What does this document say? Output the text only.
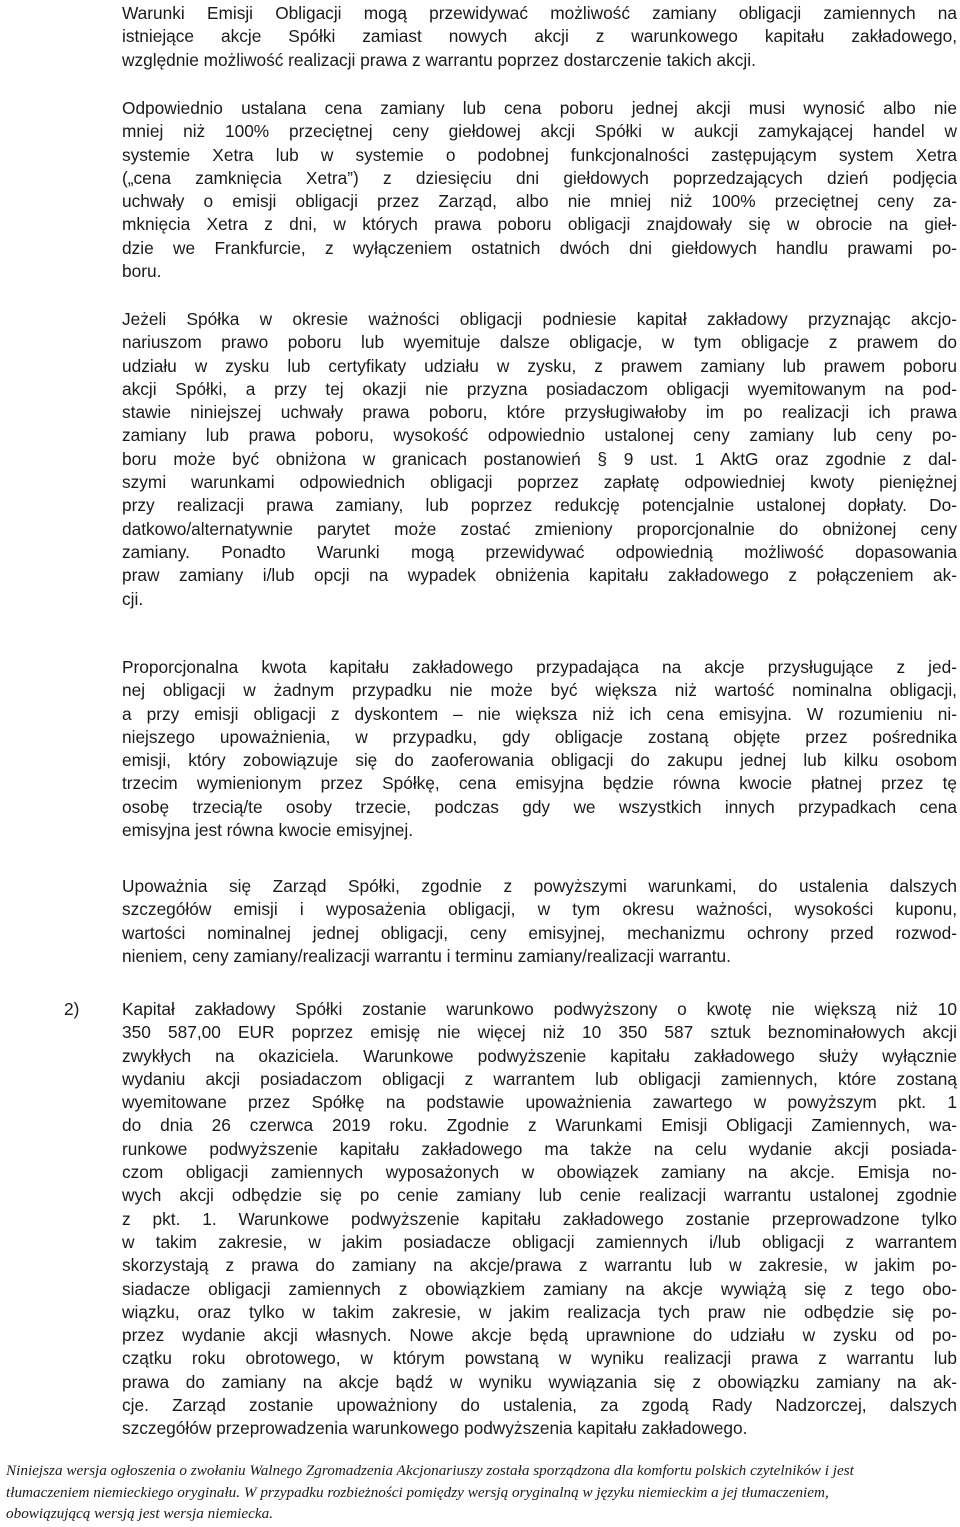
Warunki Emisji Obligacji mogą przewidywać możliwość zamiany obligacji zamiennych na
istniejące akcje Spółki zamiast nowych akcji z warunkowego kapitału zakładowego,
względnie możliwość realizacji prawa z warrantu poprzez dostarczenie takich akcji.
Odpowiednio ustalana cena zamiany lub cena poboru jednej akcji musi wynosić albo nie
mniej niż 100% przeciętnej ceny giełdowej akcji Spółki w aukcji zamykającej handel w
systemie Xetra lub w systemie o podobnej funkcjonalności zastępującym system Xetra
(„cena zamknięcia Xetra”) z dziesięciu dni giełdowych poprzedzających dzień podjęcia
uchwały o emisji obligacji przez Zarząd, albo nie mniej niż 100% przeciętnej ceny za-
mknięcia Xetra z dni, w których prawa poboru obligacji znajdowały się w obrocie na gieł-
dzie we Frankfurcie, z wyłączeniem ostatnich dwóch dni giełdowych handlu prawami po-
boru.
Jeżeli Spółka w okresie ważności obligacji podniesie kapitał zakładowy przyznając akcjo-
nariuszom prawo poboru lub wyemituje dalsze obligacje, w tym obligacje z prawem do
udziału w zysku lub certyfikaty udziału w zysku, z prawem zamiany lub prawem poboru
akcji Spółki, a przy tej okazji nie przyzna posiadaczom obligacji wyemitowanym na pod-
stawie niniejszej uchwały prawa poboru, które przysługiwałoby im po realizacji ich prawa
zamiany lub prawa poboru, wysokość odpowiednio ustalonej ceny zamiany lub ceny po-
boru może być obniżona w granicach postanowień § 9 ust. 1 AktG oraz zgodnie z dal-
szymi warunkami odpowiednich obligacji poprzez zapłatę odpowiedniej kwoty pieniężnej
przy realizacji prawa zamiany, lub poprzez redukcję potencjalnie ustalonej dopłaty. Do-
datkowo/alternatywnie parytet może zostać zmieniony proporcjonalnie do obniżonej ceny
zamiany. Ponadto Warunki mogą przewidywać odpowiednią możliwość dopasowania
praw zamiany i/lub opcji na wypadek obniżenia kapitału zakładowego z połączeniem ak-
cji.
Proporcjonalna kwota kapitału zakładowego przypadająca na akcje przysługujące z jed-
nej obligacji w żadnym przypadku nie może być większa niż wartość nominalna obligacji,
a przy emisji obligacji z dyskontem – nie większa niż ich cena emisyjna. W rozumieniu ni-
niejszego upoważnienia, w przypadku, gdy obligacje zostaną objęte przez pośrednika
emisji, który zobowiązuje się do zaoferowania obligacji do zakupu jednej lub kilku osobom
trzecim wymienionym przez Spółkę, cena emisyjna będzie równa kwocie płatnej przez tę
osobę trzecią/te osoby trzecie, podczas gdy we wszystkich innych przypadkach cena
emisyjna jest równa kwocie emisyjnej.
Upoważnia się Zarząd Spółki, zgodnie z powyższymi warunkami, do ustalenia dalszych
szczegółów emisji i wyposażenia obligacji, w tym okresu ważności, wysokości kuponu,
wartości nominalnej jednej obligacji, ceny emisyjnej, mechanizmu ochrony przed rozwod-
nieniem, ceny zamiany/realizacji warrantu i terminu zamiany/realizacji warrantu.
2) Kapitał zakładowy Spółki zostanie warunkowo podwyższony o kwotę nie większą niż 10
350 587,00 EUR poprzez emisję nie więcej niż 10 350 587 sztuk beznominałowych akcji
zwykłych na okaziciela. Warunkowe podwyższenie kapitału zakładowego służy wyłącznie
wydaniu akcji posiadaczom obligacji z warrantem lub obligacji zamiennych, które zostaną
wyemitowane przez Spółkę na podstawie upoważnienia zawartego w powyższym pkt. 1
do dnia 26 czerwca 2019 roku. Zgodnie z Warunkami Emisji Obligacji Zamiennych, wa-
runkowe podwyższenie kapitału zakładowego ma także na celu wydanie akcji posiada-
czom obligacji zamiennych wyposażonych w obowiązek zamiany na akcje. Emisja no-
wych akcji odbędzie się po cenie zamiany lub cenie realizacji warrantu ustalonej zgodnie
z pkt. 1. Warunkowe podwyższenie kapitału zakładowego zostanie przeprowadzone tylko
w takim zakresie, w jakim posiadacze obligacji zamiennych i/lub obligacji z warrantem
skorzystają z prawa do zamiany na akcje/prawa z warrantu lub w zakresie, w jakim po-
siadacze obligacji zamiennych z obowiązkiem zamiany na akcje wywiążą się z tego obo-
wiązku, oraz tylko w takim zakresie, w jakim realizacja tych praw nie odbędzie się po-
przez wydanie akcji własnych. Nowe akcje będą uprawnione do udziału w zysku od po-
czątku roku obrotowego, w którym powstaną w wyniku realizacji prawa z warrantu lub
prawa do zamiany na akcje bądź w wyniku wywiązania się z obowiązku zamiany na ak-
cje. Zarząd zostanie upoważniony do ustalenia, za zgodą Rady Nadzorczej, dalszych
szczegółów przeprowadzenia warunkowego podwyższenia kapitału zakładowego.
Niniejsza wersja ogłoszenia o zwołaniu Walnego Zgromadzenia Akcjonariuszy została sporządzona dla komfortu polskich czytelników i jest
tłumaczeniem niemieckiego oryginału. W przypadku rozbieżności pomiędzy wersją oryginalną w języku niemieckim a jej tłumaczeniem,
obowiązującą wersją jest wersja niemiecka.
